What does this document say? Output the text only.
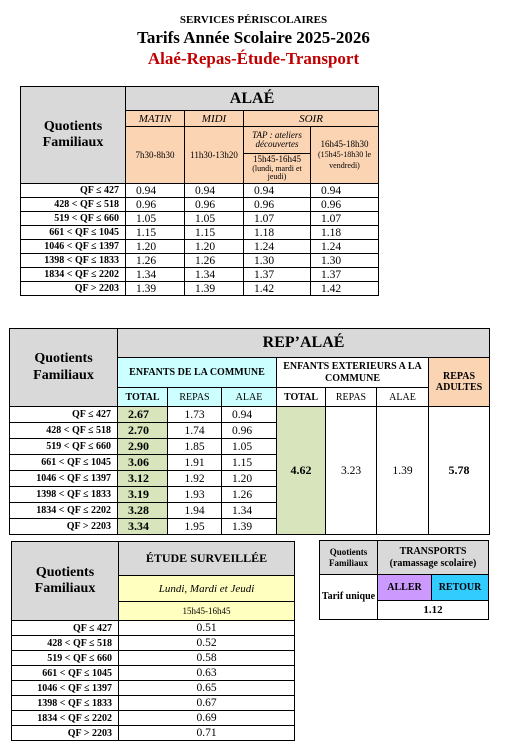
SERVICES PÉRISCOLAIRES
Tarifs Année Scolaire 2025-2026
Alaé-Repas-Étude-Transport
Quotients Familiaux	ALAÉ			
	MATIN	MIDI	SOIR	
	7h30-8h30	11h30-13h20	TAP : ateliers découvertes	16h45-18h30
(15h45-18h30 le vendredi)

			15h45-16h45
(lundi, mardi et jeudi)	

QF ≤ 427	0.94	0.94	0.94	0.94
428 < QF ≤ 518	0.96	0.96	0.96	0.96
519 < QF ≤ 660	1.05	1.05	1.07	1.07
661 < QF ≤ 1045	1.15	1.15	1.18	1.18
1046 < QF ≤ 1397	1.20	1.20	1.24	1.24
1398 < QF ≤ 1833	1.26	1.26	1.30	1.30
1834 < QF ≤ 2202	1.34	1.34	1.37	1.37
QF > 2203	1.39	1.39	1.42	1.42
Quotients Familiaux	REP’ALAÉ						
	ENFANTS DE LA COMMUNE			ENFANTS EXTERIEURS A LA COMMUNE			REPAS ADULTES
	TOTAL	REPAS	ALAE	TOTAL	REPAS	ALAE	
QF ≤ 427	2.67	1.73	0.94	4.62	3.23	1.39	5.78
428 < QF ≤ 518	2.70	1.74	0.96				
519 < QF ≤ 660	2.90	1.85	1.05				
661 < QF ≤ 1045	3.06	1.91	1.15				
1046 < QF ≤ 1397	3.12	1.92	1.20				
1398 < QF ≤ 1833	3.19	1.93	1.26				
1834 < QF ≤ 2202	3.28	1.94	1.34				
QF > 2203	3.34	1.95	1.39				
Quotients Familiaux	ÉTUDE SURVEILLÉE
	Lundi, Mardi et Jeudi
	15h45-16h45
QF ≤ 427	0.51
428 < QF ≤ 518	0.52
519 < QF ≤ 660	0.58
661 < QF ≤ 1045	0.63
1046 < QF ≤ 1397	0.65
1398 < QF ≤ 1833	0.67
1834 < QF ≤ 2202	0.69
QF > 2203	0.71
Quotients Familiaux	TRANSPORTS
(ramassage scolaire)	

Tarif unique	ALLER	RETOUR
	1.12	
